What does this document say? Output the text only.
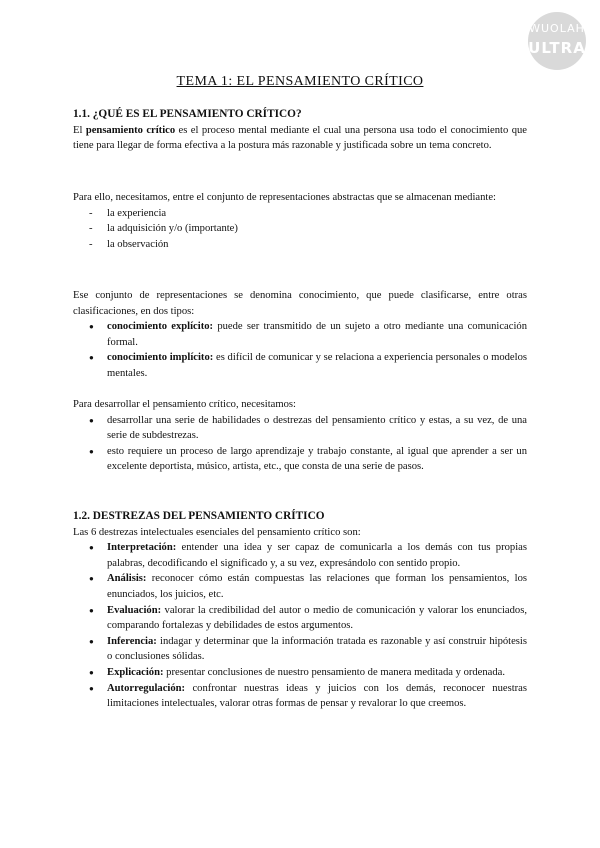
WUOLAH
ULTRA
TEMA 1: EL PENSAMIENTO CRÍTICO
1.1. ¿QUÉ ES EL PENSAMIENTO CRÍTICO?

El pensamiento crítico es el proceso mental mediante el cual una persona usa todo el conocimiento que tiene para llegar de forma efectiva a la postura más razonable y justificada sobre un tema concreto.

Para ello, necesitamos, entre el conjunto de representaciones abstractas que se almacenan mediante:

- la experiencia
- la adquisición y/o (importante)
- la observación

Ese conjunto de representaciones se denomina conocimiento, que puede clasificarse, entre otras clasificaciones, en dos tipos:

● conocimiento explícito: puede ser transmitido de un sujeto a otro mediante una comunicación formal.
● conocimiento implícito: es difícil de comunicar y se relaciona a experiencia personales o modelos mentales.

Para desarrollar el pensamiento crítico, necesitamos:

● desarrollar una serie de habilidades o destrezas del pensamiento crítico y estas, a su vez, de una serie de subdestrezas.
● esto requiere un proceso de largo aprendizaje y trabajo constante, al igual que aprender a ser un excelente deportista, músico, artista, etc., que consta de una serie de pasos.
1.2. DESTREZAS DEL PENSAMIENTO CRÍTICO

Las 6 destrezas intelectuales esenciales del pensamiento crítico son:

● Interpretación: entender una idea y ser capaz de comunicarla a los demás con tus propias palabras, decodificando el significado y, a su vez, expresándolo con sentido propio.
● Análisis: reconocer cómo están compuestas las relaciones que forman los pensamientos, los enunciados, los juicios, etc.
● Evaluación: valorar la credibilidad del autor o medio de comunicación y valorar los enunciados, comparando fortalezas y debilidades de estos argumentos.
● Inferencia: indagar y determinar que la información tratada es razonable y así construir hipótesis o conclusiones sólidas.
● Explicación: presentar conclusiones de nuestro pensamiento de manera meditada y ordenada.
● Autorregulación: confrontar nuestras ideas y juicios con los demás, reconocer nuestras limitaciones intelectuales, valorar otras formas de pensar y revalorar lo que creemos.
